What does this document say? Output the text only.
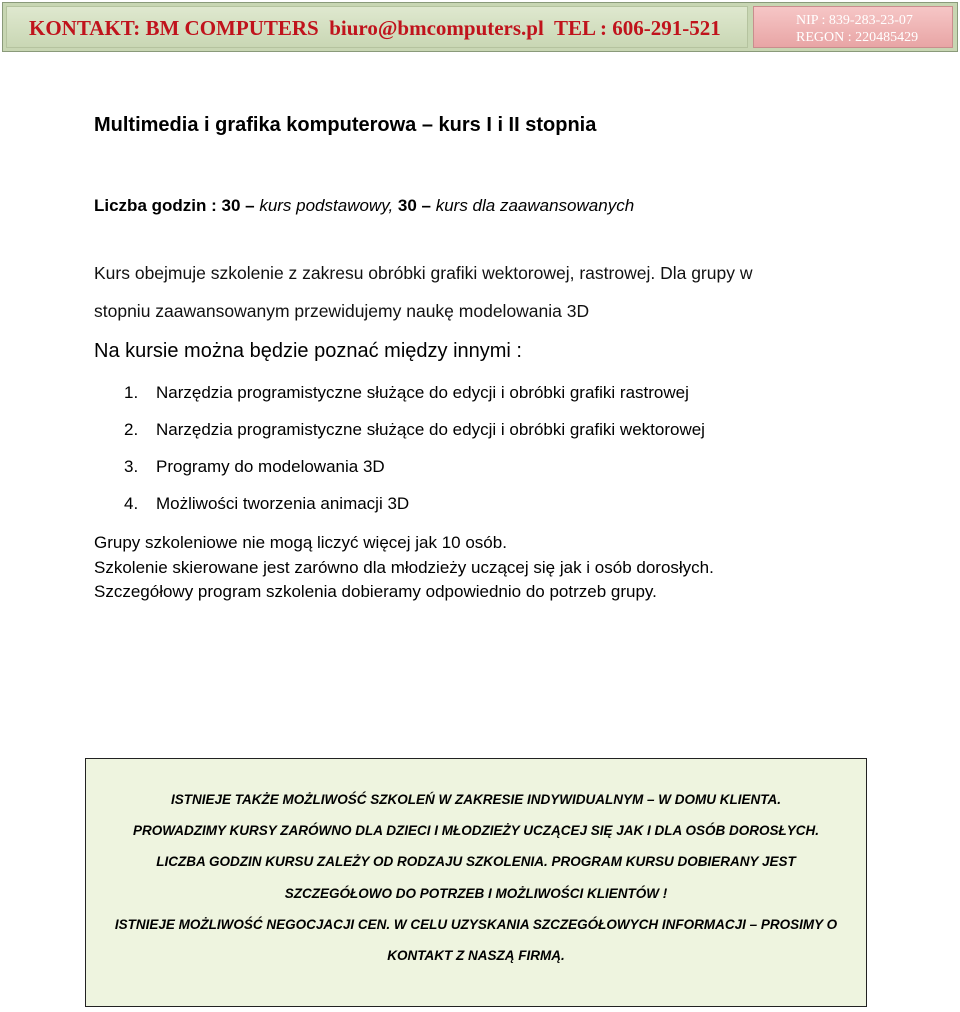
KONTAKT: BM COMPUTERS  biuro@bmcomputers.pl  TEL : 606-291-521	NIP : 839-283-23-07
REGON : 220485429
Multimedia i grafika komputerowa – kurs I i II stopnia
Liczba godzin : 30 – kurs podstawowy, 30 – kurs dla zaawansowanych
Kurs obejmuje szkolenie z zakresu obróbki grafiki wektorowej, rastrowej. Dla grupy w
stopniu zaawansowanym przewidujemy naukę modelowania 3D
Na kursie można będzie poznać między innymi :
1. Narzędzia programistyczne służące do edycji i obróbki grafiki rastrowej
2. Narzędzia programistyczne służące do edycji i obróbki grafiki wektorowej
3. Programy do modelowania 3D
4. Możliwości tworzenia animacji 3D
Grupy szkoleniowe nie mogą liczyć więcej jak 10 osób.
Szkolenie skierowane jest zarówno dla młodzieży uczącej się jak i osób dorosłych.
Szczegółowy program szkolenia dobieramy odpowiednio do potrzeb grupy.
ISTNIEJE TAKŻE MOŻLIWOŚĆ SZKOLEŃ W ZAKRESIE INDYWIDUALNYM – W DOMU KLIENTA.
PROWADZIMY KURSY ZARÓWNO DLA DZIECI I MŁODZIEŻY UCZĄCEJ SIĘ JAK I DLA OSÓB DOROSŁYCH.
LICZBA GODZIN KURSU ZALEŻY OD RODZAJU SZKOLENIA. PROGRAM KURSU DOBIERANY JEST
SZCZEGÓŁOWO DO POTRZEB I MOŻLIWOŚCI KLIENTÓW !
ISTNIEJE MOŻLIWOŚĆ NEGOCJACJI CEN. W CELU UZYSKANIA SZCZEGÓŁOWYCH INFORMACJI – PROSIMY O
KONTAKT Z NASZĄ FIRMĄ.
